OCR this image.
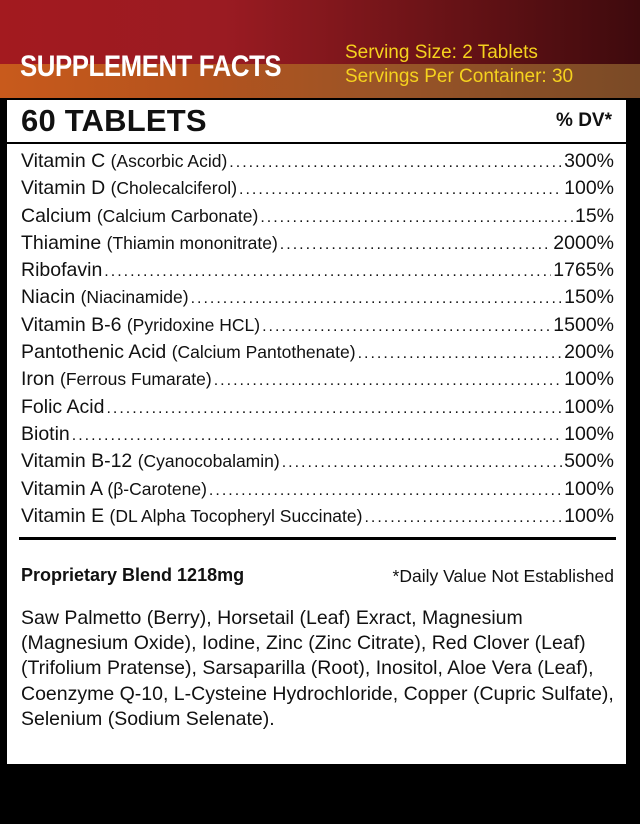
SUPPLEMENT FACTS	Serving Size: 2 Tablets
Servings Per Container: 30
60 TABLETS	% DV*
Vitamin C (Ascorbic Acid) .....	300%
Vitamin D (Cholecalciferol) .....	100%
Calcium (Calcium Carbonate) .....	15%
Thiamine (Thiamin mononitrate) .....	2000%
Ribofavin .....	1765%
Niacin (Niacinamide) .....	150%
Vitamin B-6 (Pyridoxine HCL) .....	1500%
Pantothenic Acid (Calcium Pantothenate) .....	200%
Iron (Ferrous Fumarate) .....	100%
Folic Acid .....	100%
Biotin .....	100%
Vitamin B-12 (Cyanocobalamin) .....	500%
Vitamin A (β-Carotene) .....	100%
Vitamin E (DL Alpha Tocopheryl Succinate) .....	100%
Proprietary Blend 1218mg	*Daily Value Not Established
Saw Palmetto (Berry), Horsetail (Leaf) Exract, Magnesium (Magnesium Oxide), Iodine, Zinc (Zinc Citrate), Red Clover (Leaf) (Trifolium Pratense), Sarsaparilla (Root), Inositol, Aloe Vera (Leaf), Coenzyme Q-10, L-Cysteine Hydrochloride, Copper (Cupric Sulfate), Selenium (Sodium Selenate).
